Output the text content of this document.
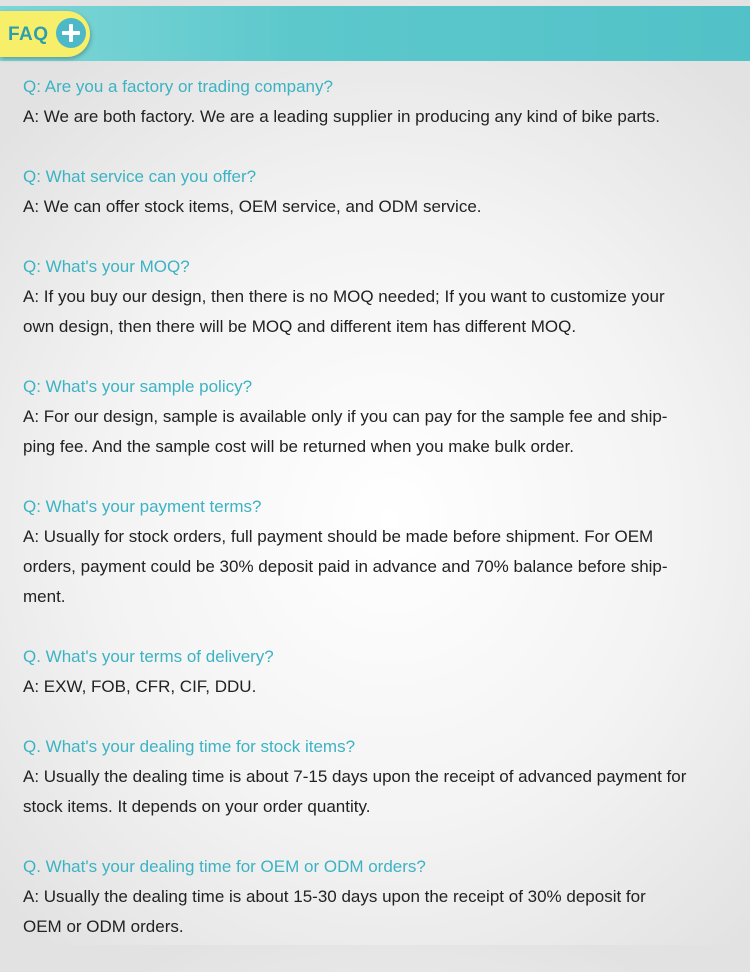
FAQ
Q: Are you a factory or trading company?
A: We are both factory. We are a leading supplier in producing any kind of bike parts.
Q: What service can you offer?
A: We can offer stock items, OEM service, and ODM service.
Q: What's your MOQ?
A: If you buy our design, then there is no MOQ needed; If you want to customize your
own design, then there will be MOQ and different item has different MOQ.
Q: What's your sample policy?
A: For our design, sample is available only if you can pay for the sample fee and ship-
ping fee. And the sample cost will be returned when you make bulk order.
Q: What's your payment terms?
A: Usually for stock orders, full payment should be made before shipment. For OEM
orders, payment could be 30% deposit paid in advance and 70% balance before ship-
ment.
Q. What's your terms of delivery?
A: EXW, FOB, CFR, CIF, DDU.
Q. What's your dealing time for stock items?
A: Usually the dealing time is about 7-15 days upon the receipt of advanced payment for
stock items. It depends on your order quantity.
Q. What's your dealing time for OEM or ODM orders?
A: Usually the dealing time is about 15-30 days upon the receipt of 30% deposit for
OEM or ODM orders.
